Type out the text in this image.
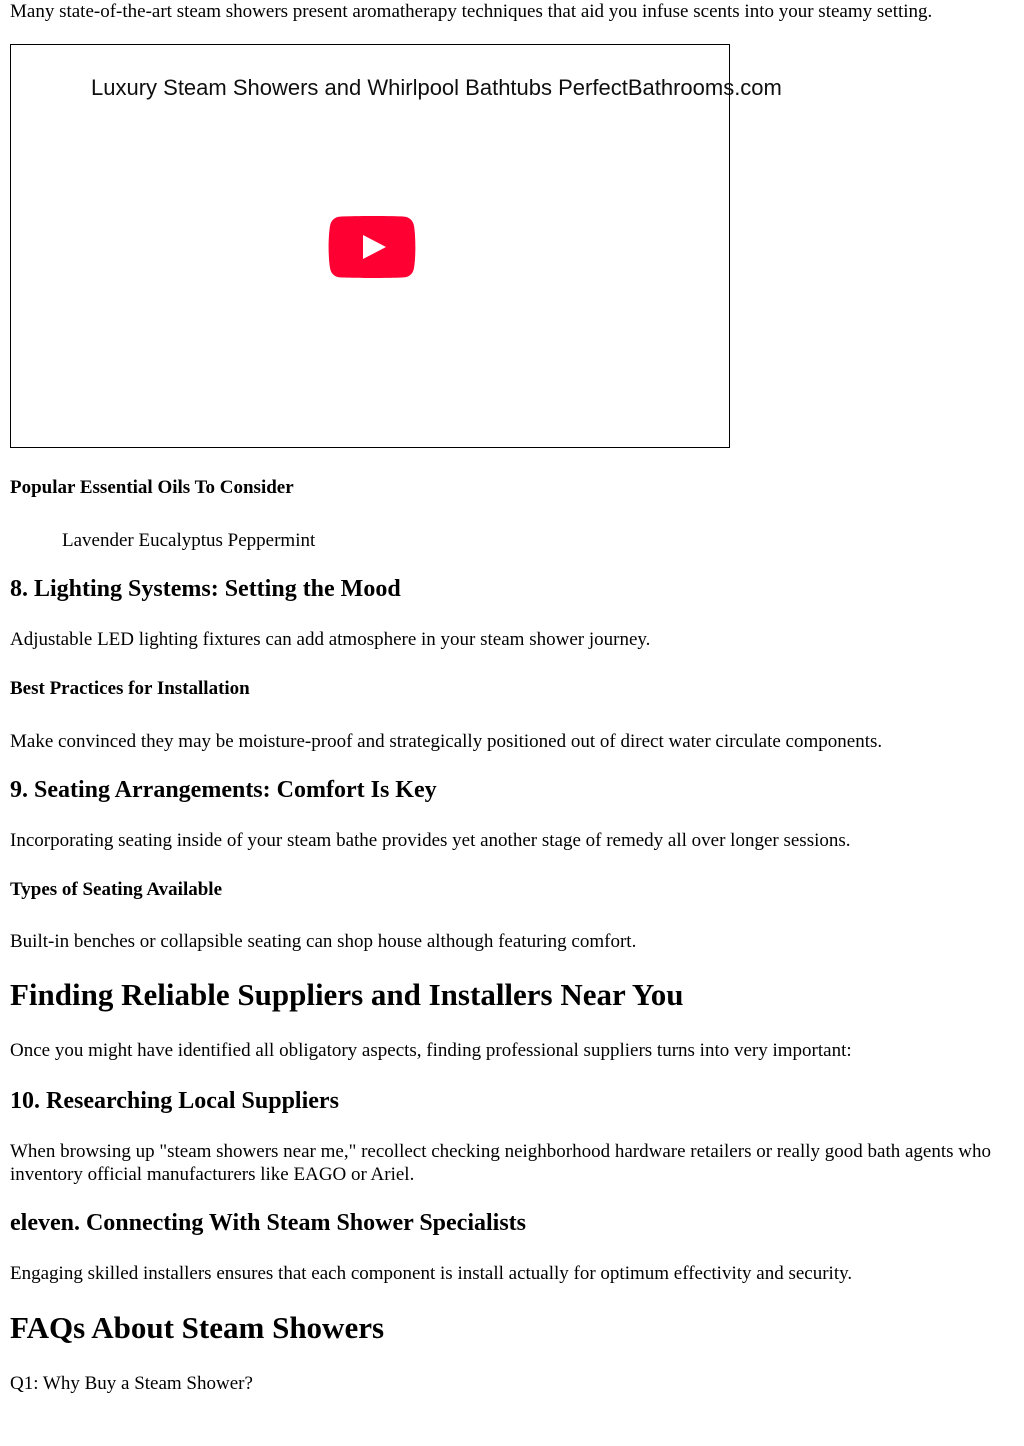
Many state-of-the-art steam showers present aromatherapy techniques that aid you infuse scents into your steamy setting.

Luxury Steam Showers and Whirlpool Bathtubs PerfectBathrooms.com
Popular Essential Oils To Consider

Lavender Eucalyptus Peppermint

8. Lighting Systems: Setting the Mood

Adjustable LED lighting fixtures can add atmosphere in your steam shower journey.

Best Practices for Installation

Make convinced they may be moisture-proof and strategically positioned out of direct water circulate components.

9. Seating Arrangements: Comfort Is Key

Incorporating seating inside of your steam bathe provides yet another stage of remedy all over longer sessions.

Types of Seating Available

Built-in benches or collapsible seating can shop house although featuring comfort.

Finding Reliable Suppliers and Installers Near You

Once you might have identified all obligatory aspects, finding professional suppliers turns into very important:

10. Researching Local Suppliers

When browsing up "steam showers near me," recollect checking neighborhood hardware retailers or really good bath agents who inventory official manufacturers like EAGO or Ariel.

eleven. Connecting With Steam Shower Specialists

Engaging skilled installers ensures that each component is install actually for optimum effectivity and security.

FAQs About Steam Showers

Q1: Why Buy a Steam Shower?
